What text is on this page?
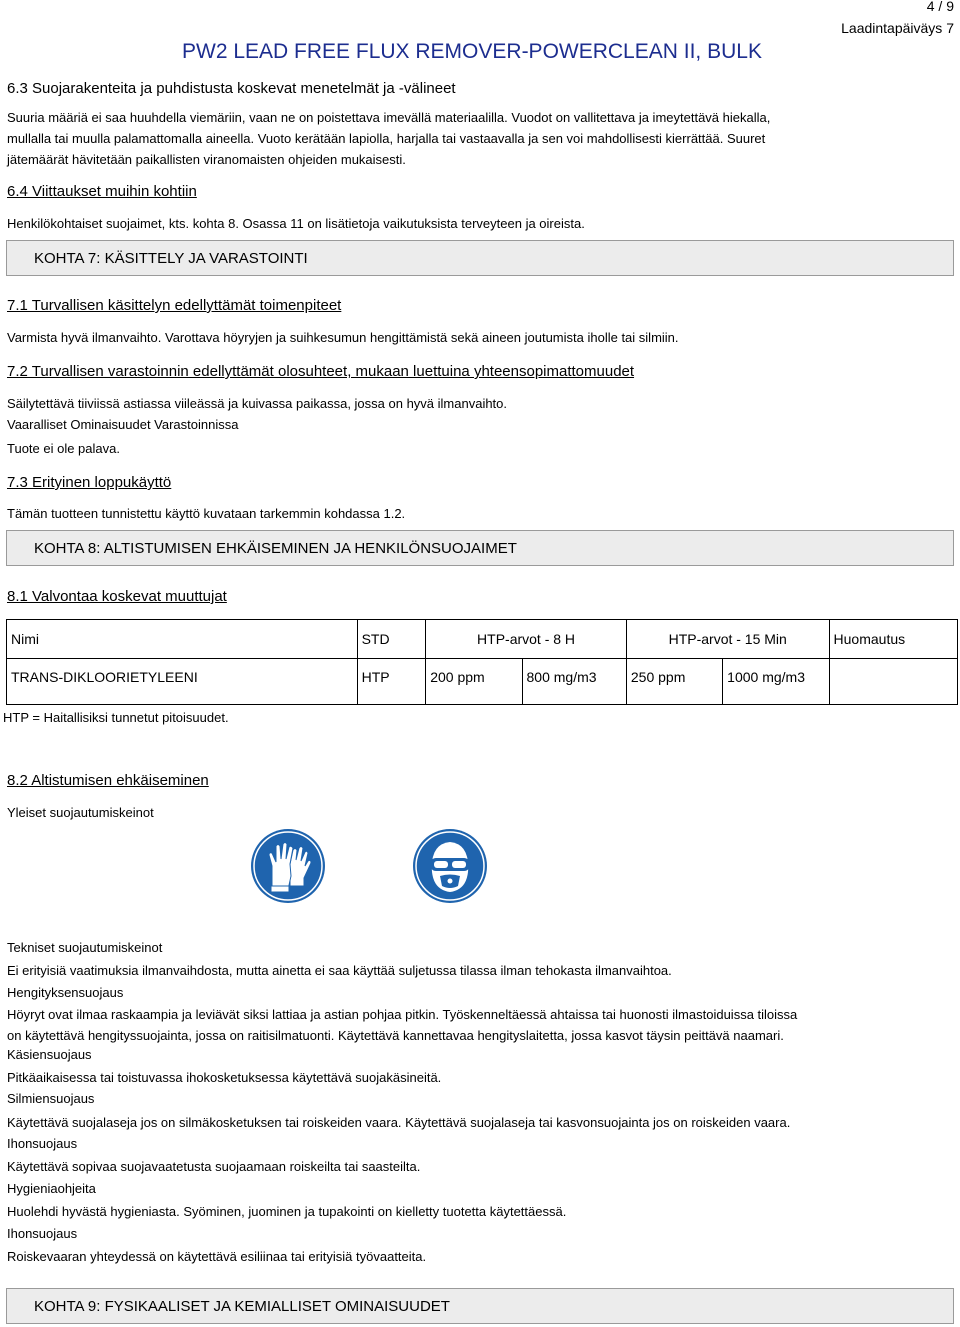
4 / 9
Laadintapäiväys 7
PW2 LEAD FREE FLUX REMOVER-POWERCLEAN II, BULK
6.3 Suojarakenteita ja puhdistusta koskevat menetelmät ja -välineet
Suuria määriä ei saa huuhdella viemäriin, vaan ne on poistettava imevällä materiaalilla. Vuodot on vallitettava ja imeytettävä hiekalla,
mullalla tai muulla palamattomalla aineella. Vuoto kerätään lapiolla, harjalla tai vastaavalla ja sen voi mahdollisesti kierrättää. Suuret
jätemäärät hävitetään paikallisten viranomaisten ohjeiden mukaisesti.
6.4 Viittaukset muihin kohtiin
Henkilökohtaiset suojaimet, kts. kohta 8. Osassa 11 on lisätietoja vaikutuksista terveyteen ja oireista.
KOHTA 7: KÄSITTELY JA VARASTOINTI
7.1 Turvallisen käsittelyn edellyttämät toimenpiteet
Varmista hyvä ilmanvaihto. Varottava höyryjen ja suihkesumun hengittämistä sekä aineen joutumista iholle tai silmiin.
7.2 Turvallisen varastoinnin edellyttämät olosuhteet, mukaan luettuina yhteensopimattomuudet
Säilytettävä tiiviissä astiassa viileässä ja kuivassa paikassa, jossa on hyvä ilmanvaihto.
Vaaralliset Ominaisuudet Varastoinnissa
Tuote ei ole palava.
7.3 Erityinen loppukäyttö
Tämän tuotteen tunnistettu käyttö kuvataan tarkemmin kohdassa 1.2.
KOHTA 8: ALTISTUMISEN EHKÄISEMINEN JA HENKILÖNSUOJAIMET
8.1 Valvontaa koskevat muuttujat
Nimi	STD	HTP-arvot - 8 H		HTP-arvot - 15 Min		Huomautus
TRANS-DIKLOORIETYLEENI	HTP	200 ppm	800 mg/m3	250 ppm	1000 mg/m3	
HTP = Haitallisiksi tunnetut pitoisuudet.
8.2 Altistumisen ehkäiseminen
Yleiset suojautumiskeinot
Tekniset suojautumiskeinot
Ei erityisiä vaatimuksia ilmanvaihdosta, mutta ainetta ei saa käyttää suljetussa tilassa ilman tehokasta ilmanvaihtoa.
Hengityksensuojaus
Höyryt ovat ilmaa raskaampia ja leviävät siksi lattiaa ja astian pohjaa pitkin. Työskenneltäessä ahtaissa tai huonosti ilmastoiduissa tiloissa
on käytettävä hengityssuojainta, jossa on raitisilmatuonti. Käytettävä kannettavaa hengityslaitetta, jossa kasvot täysin peittävä naamari.
Käsiensuojaus
Pitkäaikaisessa tai toistuvassa ihokosketuksessa käytettävä suojakäsineitä.
Silmiensuojaus
Käytettävä suojalaseja jos on silmäkosketuksen tai roiskeiden vaara. Käytettävä suojalaseja tai kasvonsuojainta jos on roiskeiden vaara.
Ihonsuojaus
Käytettävä sopivaa suojavaatetusta suojaamaan roiskeilta tai saasteilta.
Hygieniaohjeita
Huolehdi hyvästä hygieniasta. Syöminen, juominen ja tupakointi on kielletty tuotetta käytettäessä.
Ihonsuojaus
Roiskevaaran yhteydessä on käytettävä esiliinaa tai erityisiä työvaatteita.
KOHTA 9: FYSIKAALISET JA KEMIALLISET OMINAISUUDET
